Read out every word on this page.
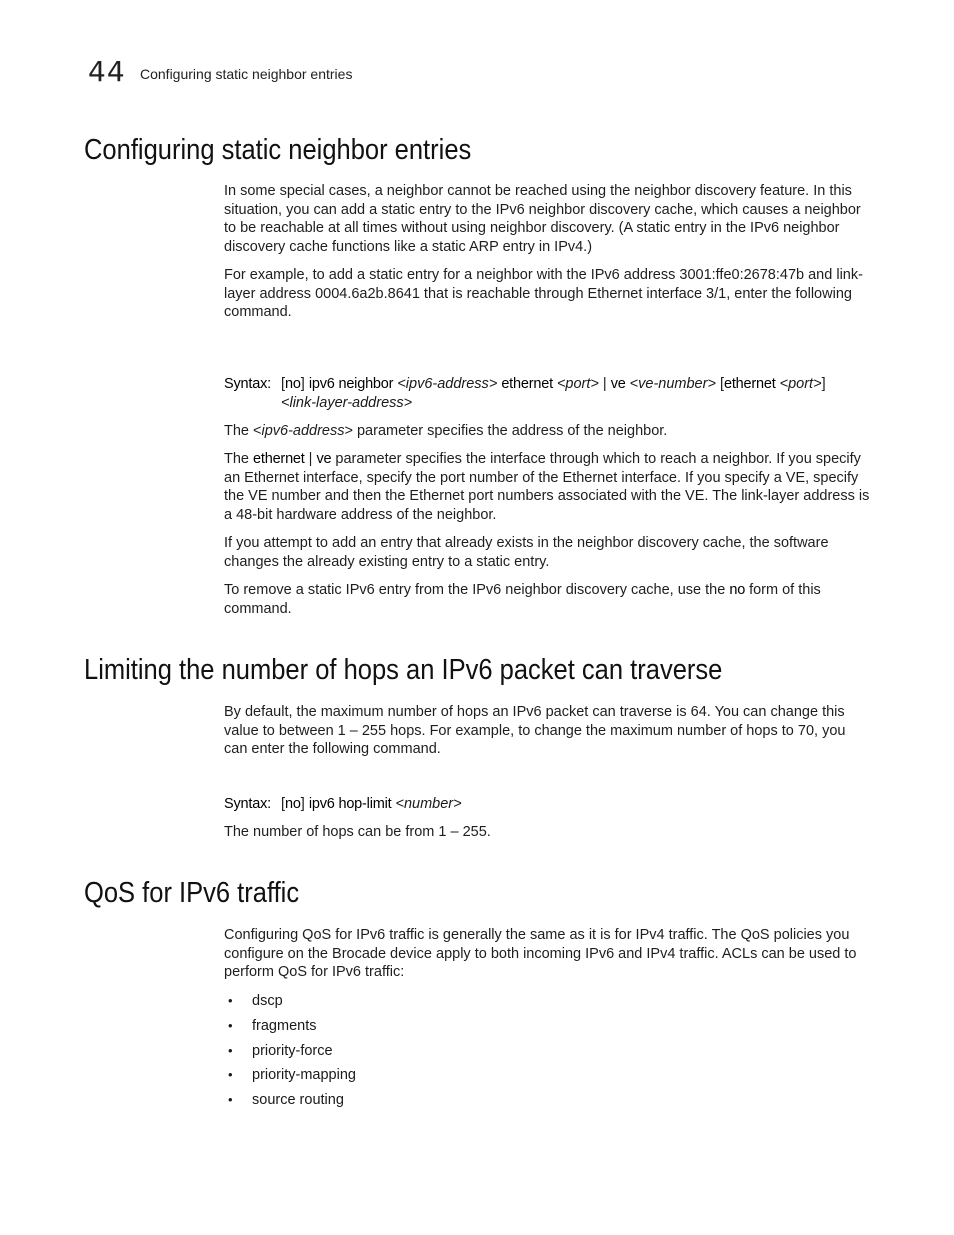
44 Configuring static neighbor entries
Configuring static neighbor entries

In some special cases, a neighbor cannot be reached using the neighbor discovery feature. In this situation, you can add a static entry to the IPv6 neighbor discovery cache, which causes a neighbor to be reachable at all times without using neighbor discovery. (A static entry in the IPv6 neighbor discovery cache functions like a static ARP entry in IPv4.)

For example, to add a static entry for a neighbor with the IPv6 address 3001:ffe0:2678:47b and link-layer address 0004.6a2b.8641 that is reachable through Ethernet interface 3/1, enter the following command.

Syntax: [no] ipv6 neighbor <ipv6-address> ethernet <port> | ve <ve-number> [ethernet <port>]
<link-layer-address>

The <ipv6-address> parameter specifies the address of the neighbor.

The ethernet | ve parameter specifies the interface through which to reach a neighbor. If you specify an Ethernet interface, specify the port number of the Ethernet interface. If you specify a VE, specify the VE number and then the Ethernet port numbers associated with the VE. The link-layer address is a 48-bit hardware address of the neighbor.

If you attempt to add an entry that already exists in the neighbor discovery cache, the software changes the already existing entry to a static entry.

To remove a static IPv6 entry from the IPv6 neighbor discovery cache, use the no form of this command.

Limiting the number of hops an IPv6 packet can traverse

By default, the maximum number of hops an IPv6 packet can traverse is 64. You can change this value to between 1 – 255 hops. For example, to change the maximum number of hops to 70, you can enter the following command.

Syntax: [no] ipv6 hop-limit <number>

The number of hops can be from 1 – 255.

QoS for IPv6 traffic

Configuring QoS for IPv6 traffic is generally the same as it is for IPv4 traffic. The QoS policies you configure on the Brocade device apply to both incoming IPv6 and IPv4 traffic. ACLs can be used to perform QoS for IPv6 traffic:

• dscp
• fragments
• priority-force
• priority-mapping
• source routing
